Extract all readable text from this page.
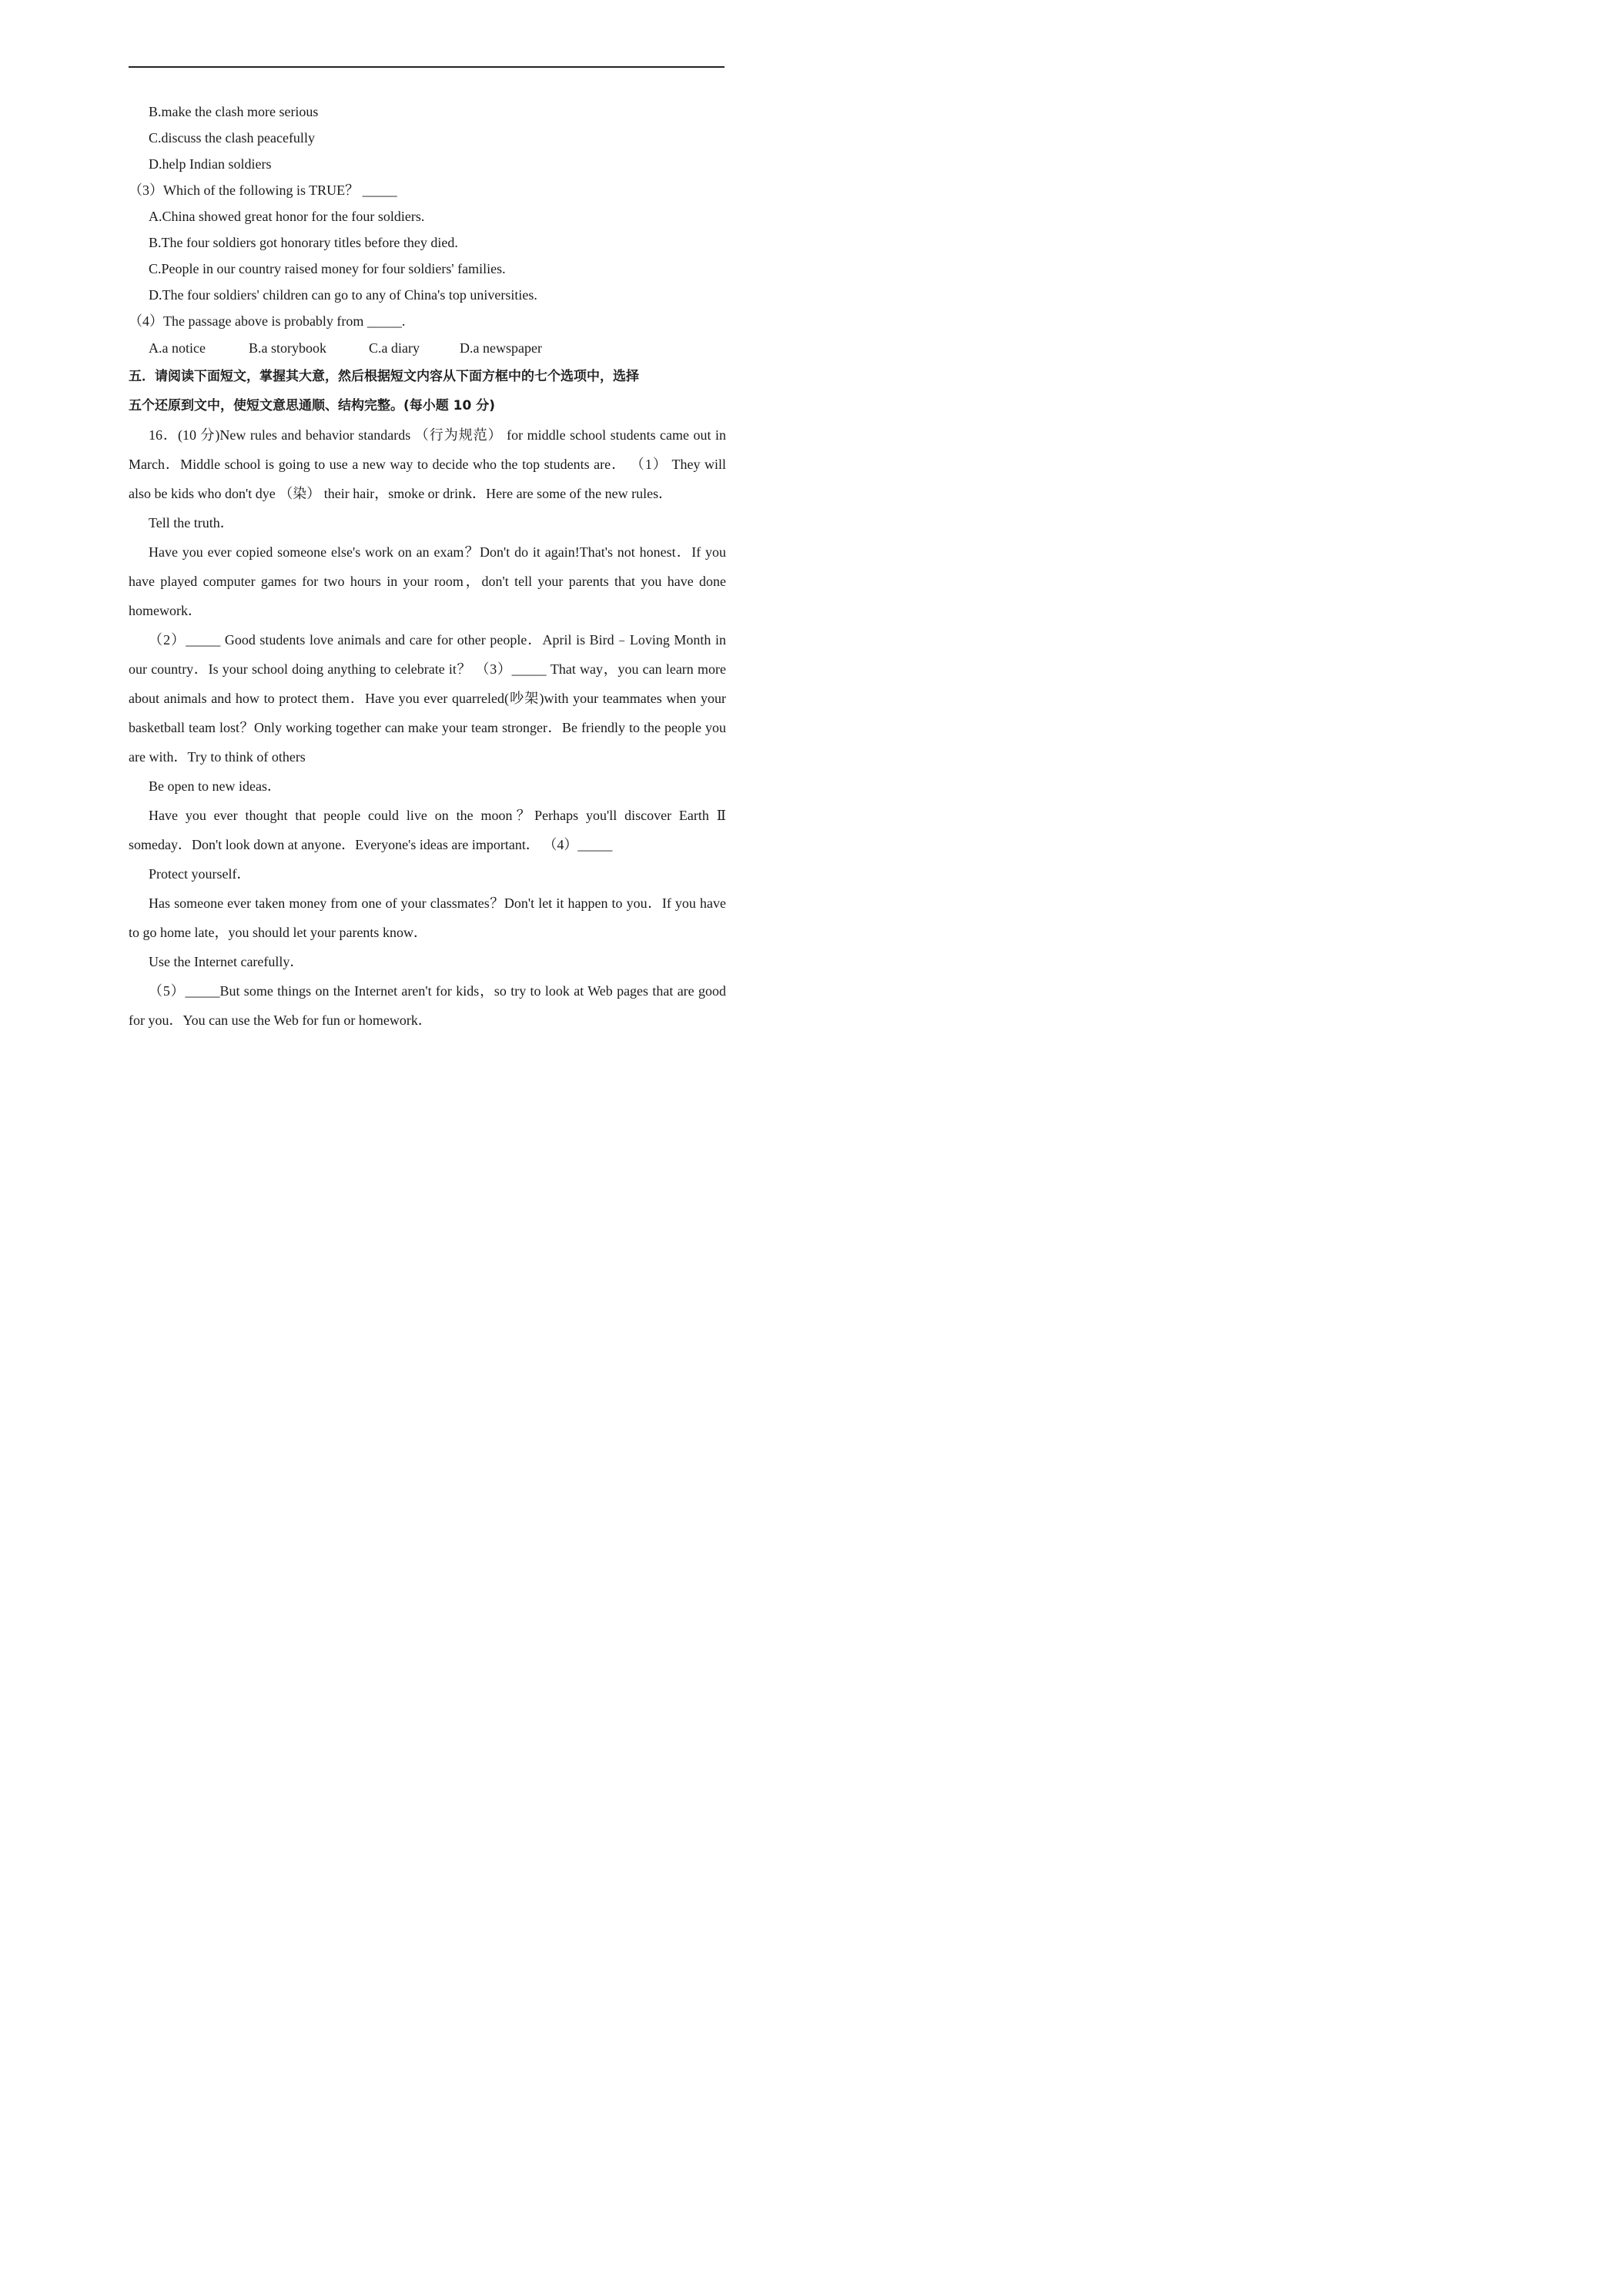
B.make the clash more serious
C.discuss the clash peacefully
D.help Indian soldiers
（3）Which of the following is TRUE？ _____
A.China showed great honor for the four soldiers.
B.The four soldiers got honorary titles before they died.
C.People in our country raised money for four soldiers' families.
D.The four soldiers' children can go to any of China's top universities.
（4）The passage above is probably from _____.
A.a notice	B.a storybook	C.a diary	D.a newspaper
五．请阅读下面短文，掌握其大意，然后根据短文内容从下面方框中的七个选项中，选择
五个还原到文中，使短文意思通顺、结构完整。(每小题 10 分)
16．(10 分)New rules and behavior standards （行为规范） for middle school students came out in March．Middle school is going to use a new way to decide who the top students are． （1） They will also be kids who don't dye （染） their hair，smoke or drink．Here are some of the new rules．
Tell the truth．
Have you ever copied someone else's work on an exam？Don't do it again!That's not honest．If you have played computer games for two hours in your room，don't tell your parents that you have done homework．
（2）_____ Good students love animals and care for other people．April is Bird﹣Loving Month in our country．Is your school doing anything to celebrate it？ （3）_____ That way，you can learn more about animals and how to protect them．Have you ever quarreled(吵架)with your teammates when your basketball team lost？Only working together can make your team stronger．Be friendly to the people you are with．Try to think of others
Be open to new ideas．
Have you ever thought that people could live on the moon？Perhaps you'll discover Earth Ⅱ someday．Don't look down at anyone．Everyone's ideas are important． （4）_____
Protect yourself．
Has someone ever taken money from one of your classmates？Don't let it happen to you．If you have to go home late，you should let your parents know．
Use the Internet carefully．
（5）_____But some things on the Internet aren't for kids，so try to look at Web pages that are good for you．You can use the Web for fun or homework．
